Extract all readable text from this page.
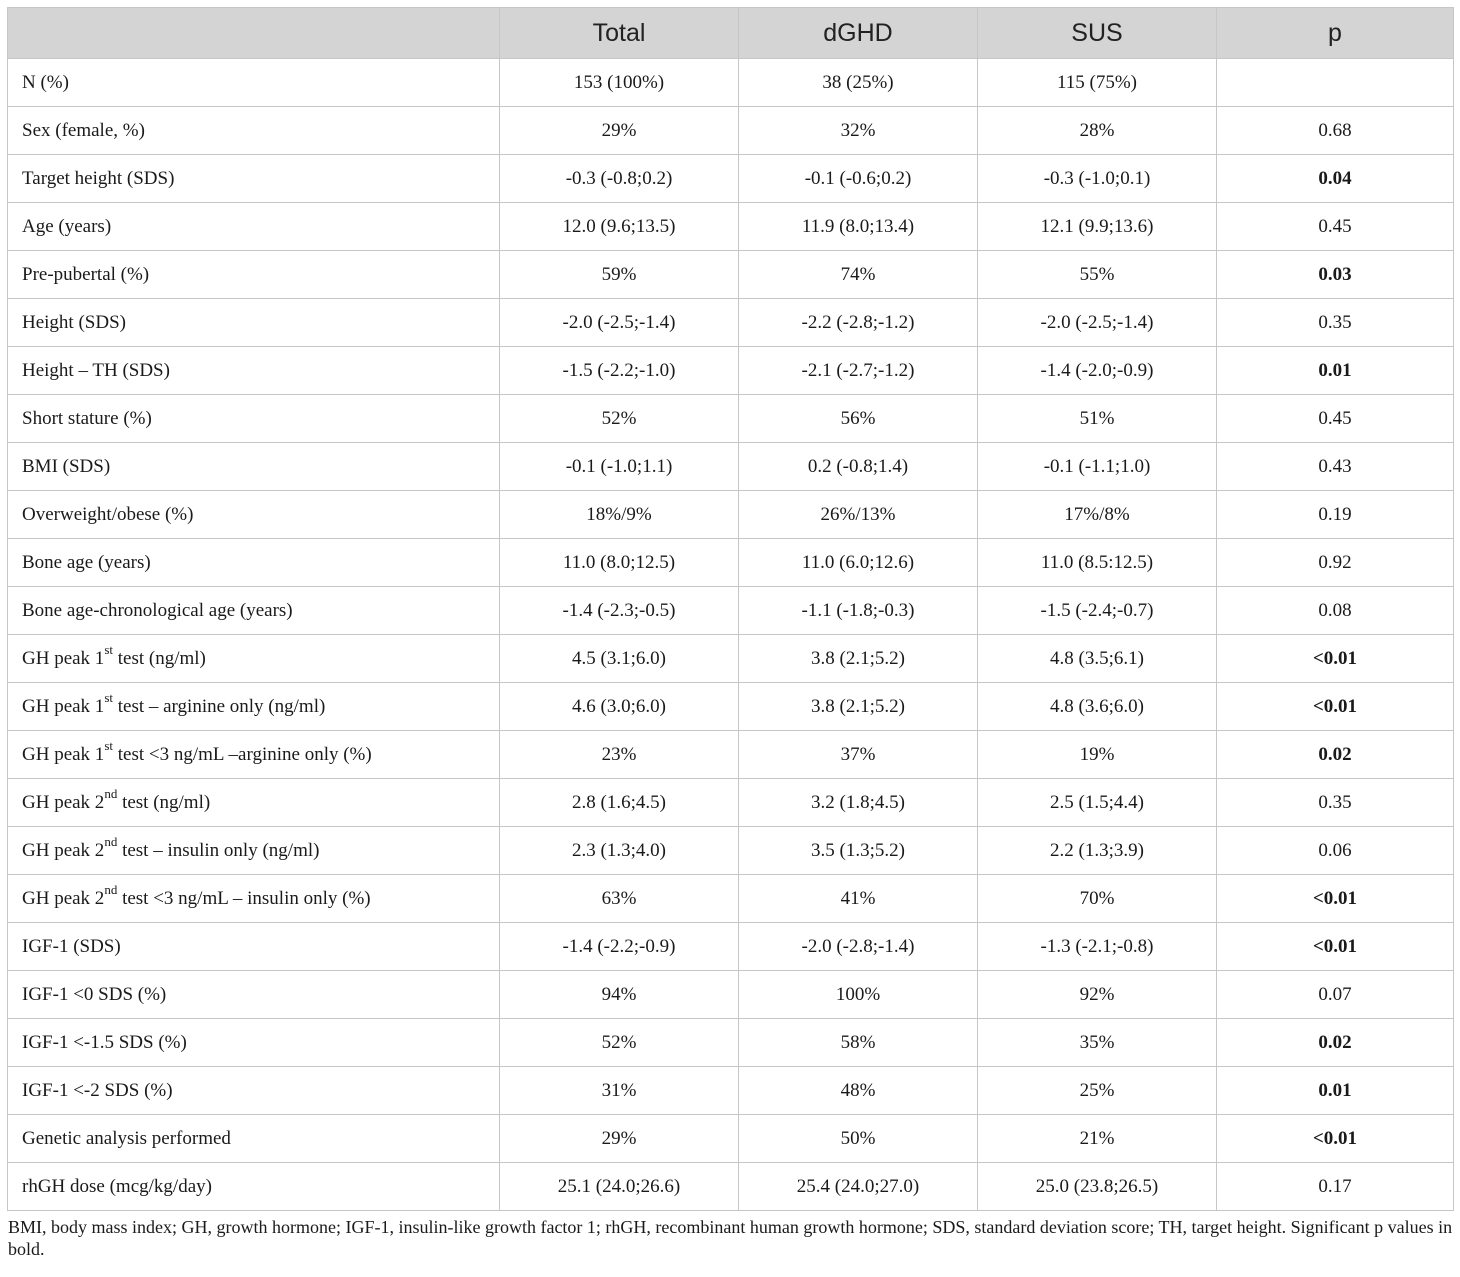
	Total	dGHD	SUS	p
N (%)	153 (100%)	38 (25%)	115 (75%)	
Sex (female, %)	29%	32%	28%	0.68
Target height (SDS)	-0.3 (-0.8;0.2)	-0.1 (-0.6;0.2)	-0.3 (-1.0;0.1)	0.04
Age (years)	12.0 (9.6;13.5)	11.9 (8.0;13.4)	12.1 (9.9;13.6)	0.45
Pre-pubertal (%)	59%	74%	55%	0.03
Height (SDS)	-2.0 (-2.5;-1.4)	-2.2 (-2.8;-1.2)	-2.0 (-2.5;-1.4)	0.35
Height – TH (SDS)	-1.5 (-2.2;-1.0)	-2.1 (-2.7;-1.2)	-1.4 (-2.0;-0.9)	0.01
Short stature (%)	52%	56%	51%	0.45
BMI (SDS)	-0.1 (-1.0;1.1)	0.2 (-0.8;1.4)	-0.1 (-1.1;1.0)	0.43
Overweight/obese (%)	18%/9%	26%/13%	17%/8%	0.19
Bone age (years)	11.0 (8.0;12.5)	11.0 (6.0;12.6)	11.0 (8.5:12.5)	0.92
Bone age-chronological age (years)	-1.4 (-2.3;-0.5)	-1.1 (-1.8;-0.3)	-1.5 (-2.4;-0.7)	0.08
GH peak 1st test (ng/ml)	4.5 (3.1;6.0)	3.8 (2.1;5.2)	4.8 (3.5;6.1)	<0.01
GH peak 1st test – arginine only (ng/ml)	4.6 (3.0;6.0)	3.8 (2.1;5.2)	4.8 (3.6;6.0)	<0.01
GH peak 1st test <3 ng/mL –arginine only (%)	23%	37%	19%	0.02
GH peak 2nd test (ng/ml)	2.8 (1.6;4.5)	3.2 (1.8;4.5)	2.5 (1.5;4.4)	0.35
GH peak 2nd test – insulin only (ng/ml)	2.3 (1.3;4.0)	3.5 (1.3;5.2)	2.2 (1.3;3.9)	0.06
GH peak 2nd test <3 ng/mL – insulin only (%)	63%	41%	70%	<0.01
IGF-1 (SDS)	-1.4 (-2.2;-0.9)	-2.0 (-2.8;-1.4)	-1.3 (-2.1;-0.8)	<0.01
IGF-1 <0 SDS (%)	94%	100%	92%	0.07
IGF-1 <-1.5 SDS (%)	52%	58%	35%	0.02
IGF-1 <-2 SDS (%)	31%	48%	25%	0.01
Genetic analysis performed	29%	50%	21%	<0.01
rhGH dose (mcg/kg/day)	25.1 (24.0;26.6)	25.4 (24.0;27.0)	25.0 (23.8;26.5)	0.17
BMI, body mass index; GH, growth hormone; IGF-1, insulin-like growth factor 1; rhGH, recombinant human growth hormone; SDS, standard deviation score; TH, target height. Significant p values in bold.
